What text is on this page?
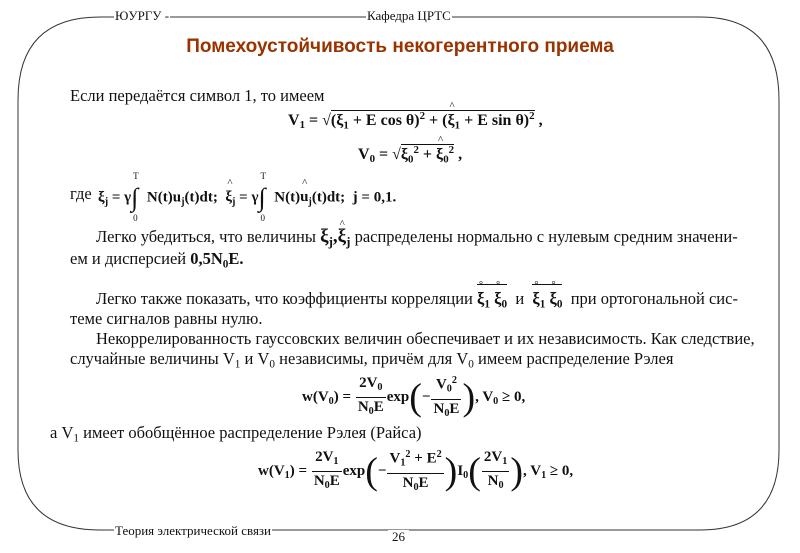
ЮУРГУ -	Кафедра ЦРТС
Помехоустойчивость некогерентного приема
Если передаётся символ 1, то имеем
$V_1 = √(\xi_1 + E$ cos θ)$^2$ + (^ $\xi_1 + E$ sin θ)$^2$ ,
$V_0 = √\xi_0^2$ + ^ $\xi_0^2$ ,
где $\xi_j = \gamma\int$
T
0
$N(t)u_j(t)dt$;  ^ $\xi_j = \gamma\int$
T
0
N(t)^ $u_j(t)dt$;  j = 0,1.
Легко убедиться, что величины $\xi_j,\^{}$ $\xi_j$ распределены нормально с нулевым средним значени-
ем и дисперсией $0,5N_0E$.
Легко также показать, что коэффициенты корреляции ° $\xi_1$ ° $\xi_0$ и ° $\xi_1$ ° $\xi_0$ при ортогональной сис-
теме сигналов равны нулю.
Некоррелированность гауссовских величин обеспечивает и их независимость. Как следствие,
случайные величины $V_1$ и $V_0$ независимы, причём для $V_0$ имеем распределение Рэлея
$w(V_0) = \frac{2V_0}{N_0E} \exp(- \frac{V_0^2}{N_0E}$ ), $V_0 \ge 0$,
а $V_1$ имеет обобщённое распределение Рэлея (Райса)
$w(V_1) = \frac{2V_1}{N_0E} \exp(- \frac{V_1^2 + E^2}{N_0E} )I_0( \frac{2V_1}{N_0}$ ), $V_1 \ge 0$,
Теория электрической связи	26
